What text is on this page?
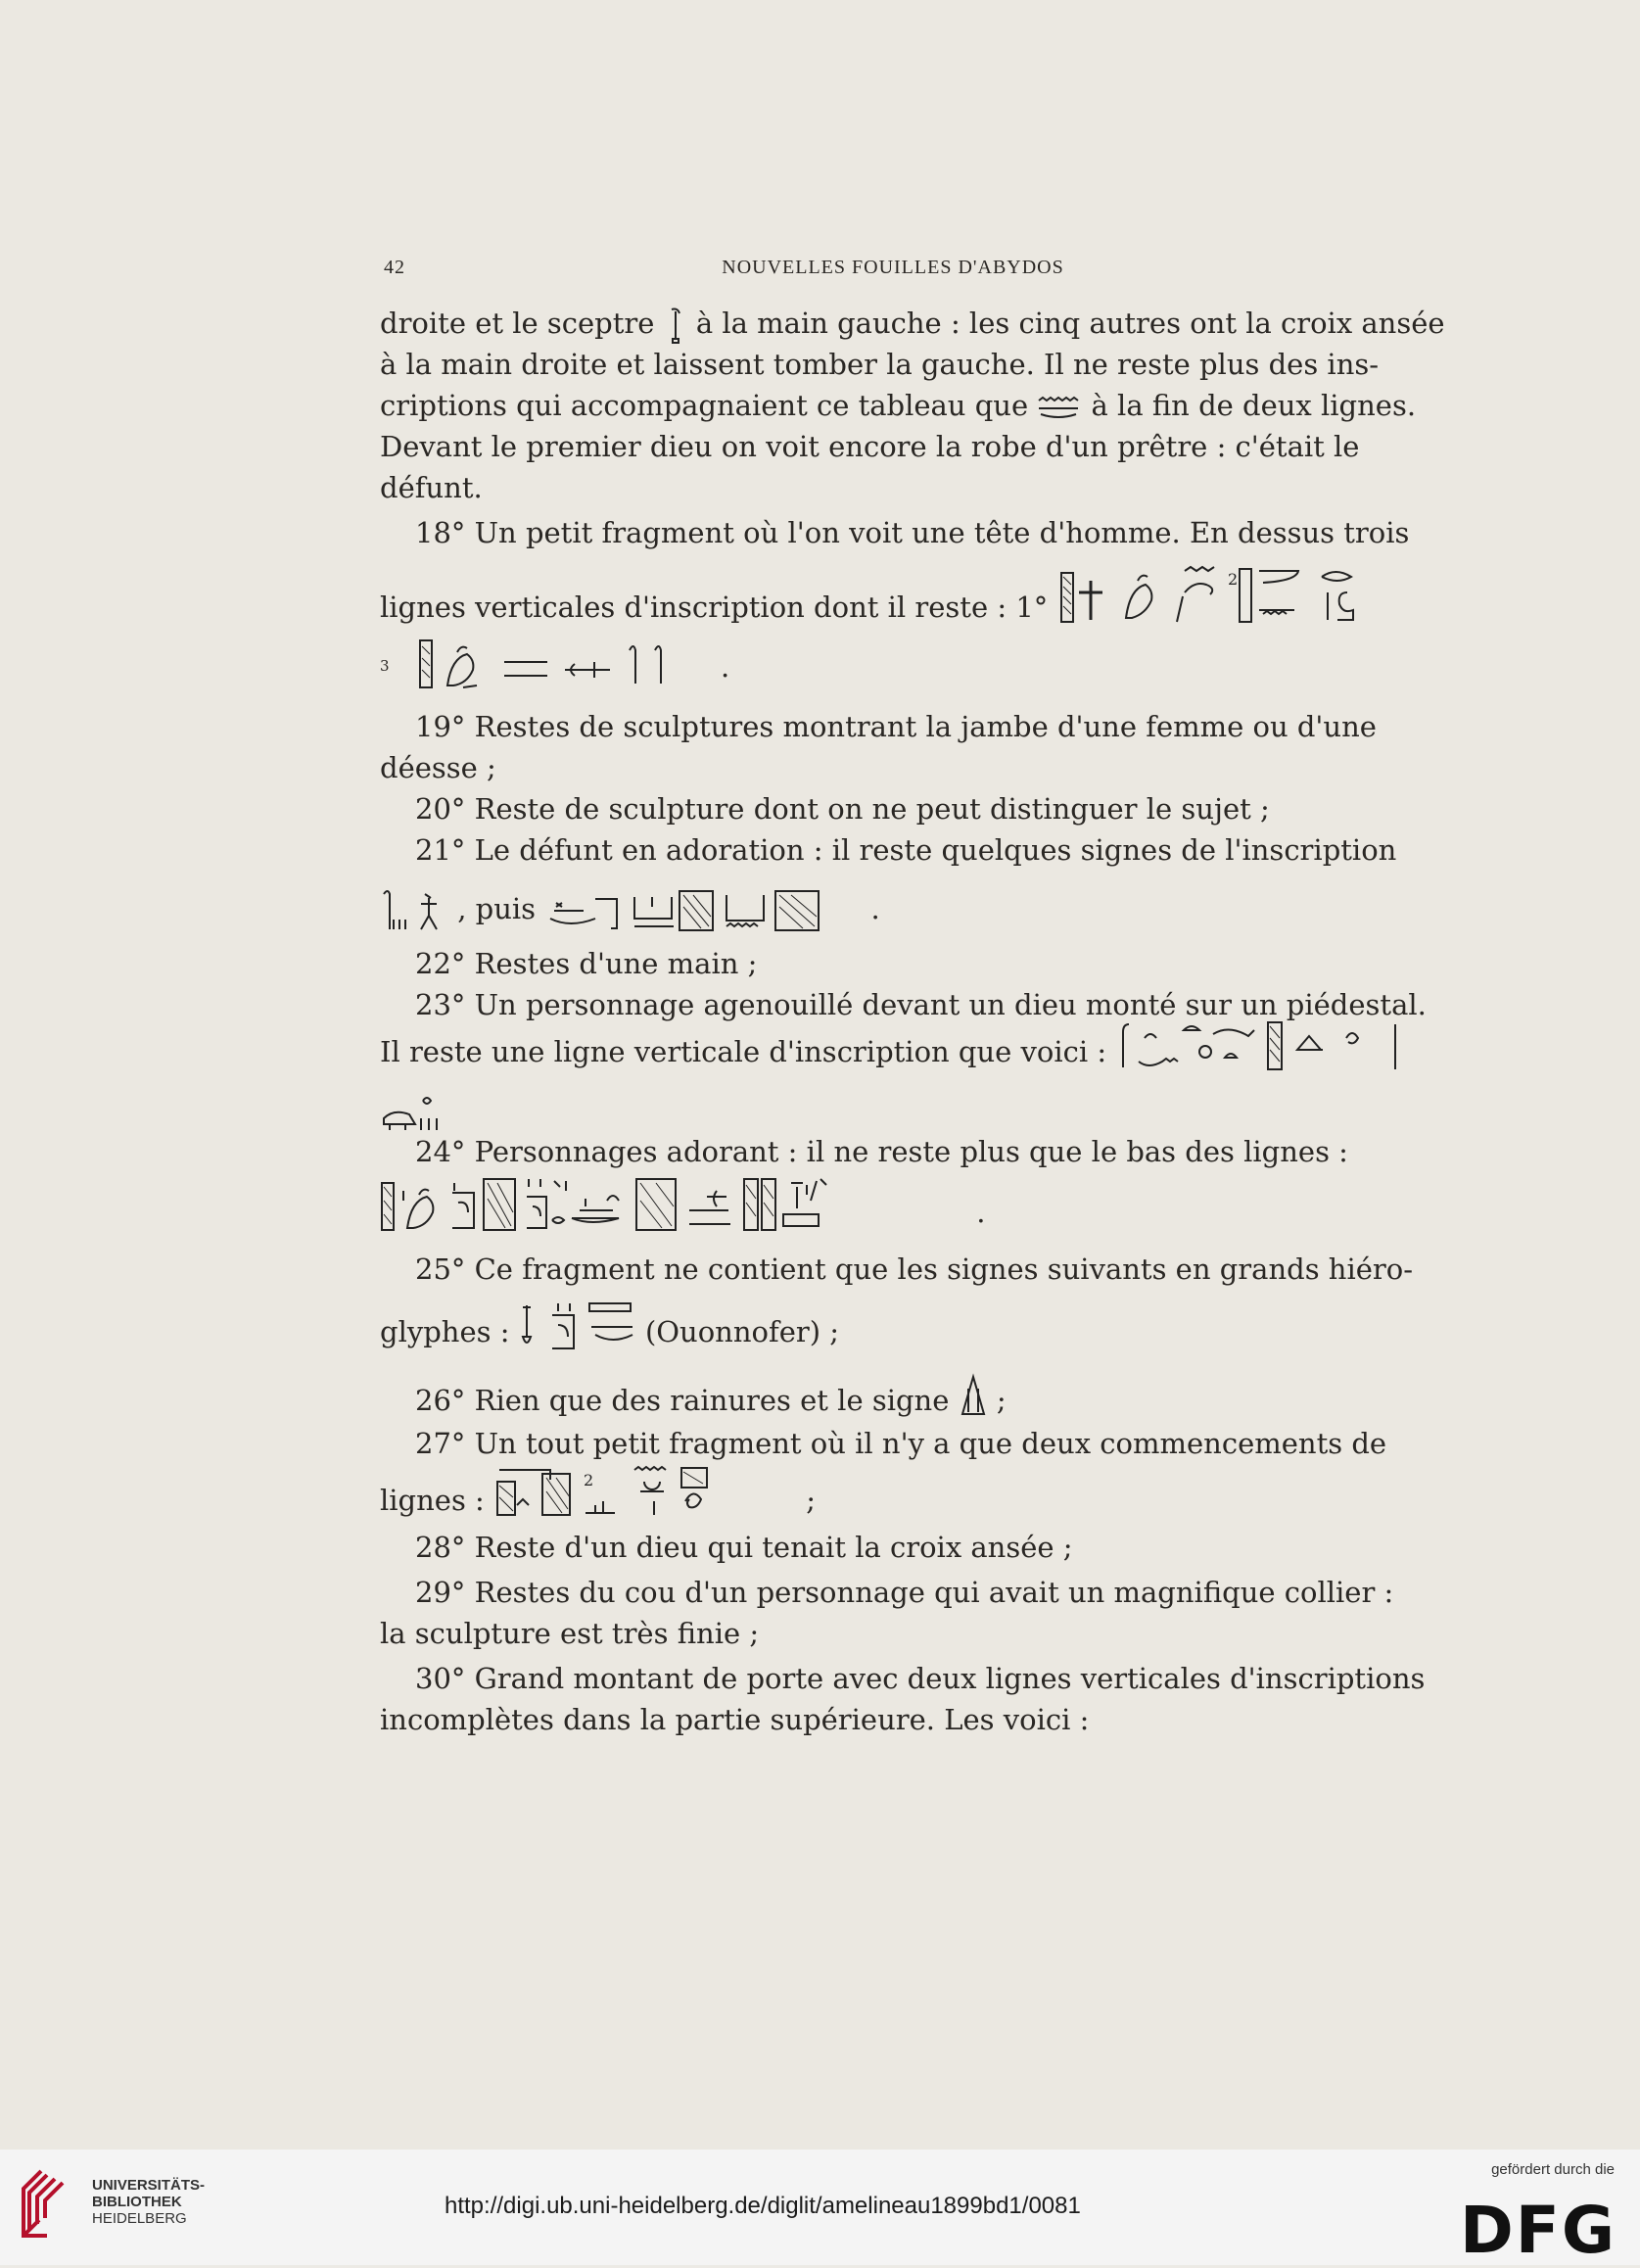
42	NOUVELLES FOUILLES D'ABYDOS
droite et le sceptre à la main gauche : les cinq autres ont la croix ansée
à la main droite et laissent tomber la gauche. Il ne reste plus des ins-
criptions qui accompagnaient ce tableau que à la fin de deux lignes.
Devant le premier dieu on voit encore la robe d'un prêtre : c'était le
défunt.
18° Un petit fragment où l'on voit une tête d'homme. En dessus trois
lignes verticales d'inscription dont il reste : 1°
2
$^3$	.
19° Restes de sculptures montrant la jambe d'une femme ou d'une
déesse ;
20° Reste de sculpture dont on ne peut distinguer le sujet ;
21° Le défunt en adoration : il reste quelques signes de l'inscription
, puis	.
22° Restes d'une main ;
23° Un personnage agenouillé devant un dieu monté sur un piédestal.
Il reste une ligne verticale d'inscription que voici :
24° Personnages adorant : il ne reste plus que le bas des lignes :
.
25° Ce fragment ne contient que les signes suivants en grands hiéro-
glyphes :	(Ouonnofer) ;
26° Rien que des rainures et le signe ;
27° Un tout petit fragment où il n'y a que deux commencements de
lignes :
2
;
28° Reste d'un dieu qui tenait la croix ansée ;
29° Restes du cou d'un personnage qui avait un magnifique collier :
la sculpture est très finie ;
30° Grand montant de porte avec deux lignes verticales d'inscriptions
incomplètes dans la partie supérieure. Les voici :
UNIVERSITÄTS-
BIBLIOTHEK
HEIDELBERG	http://digi.ub.uni-heidelberg.de/diglit/amelineau1899bd1/0081
gefördert durch die
DFG
